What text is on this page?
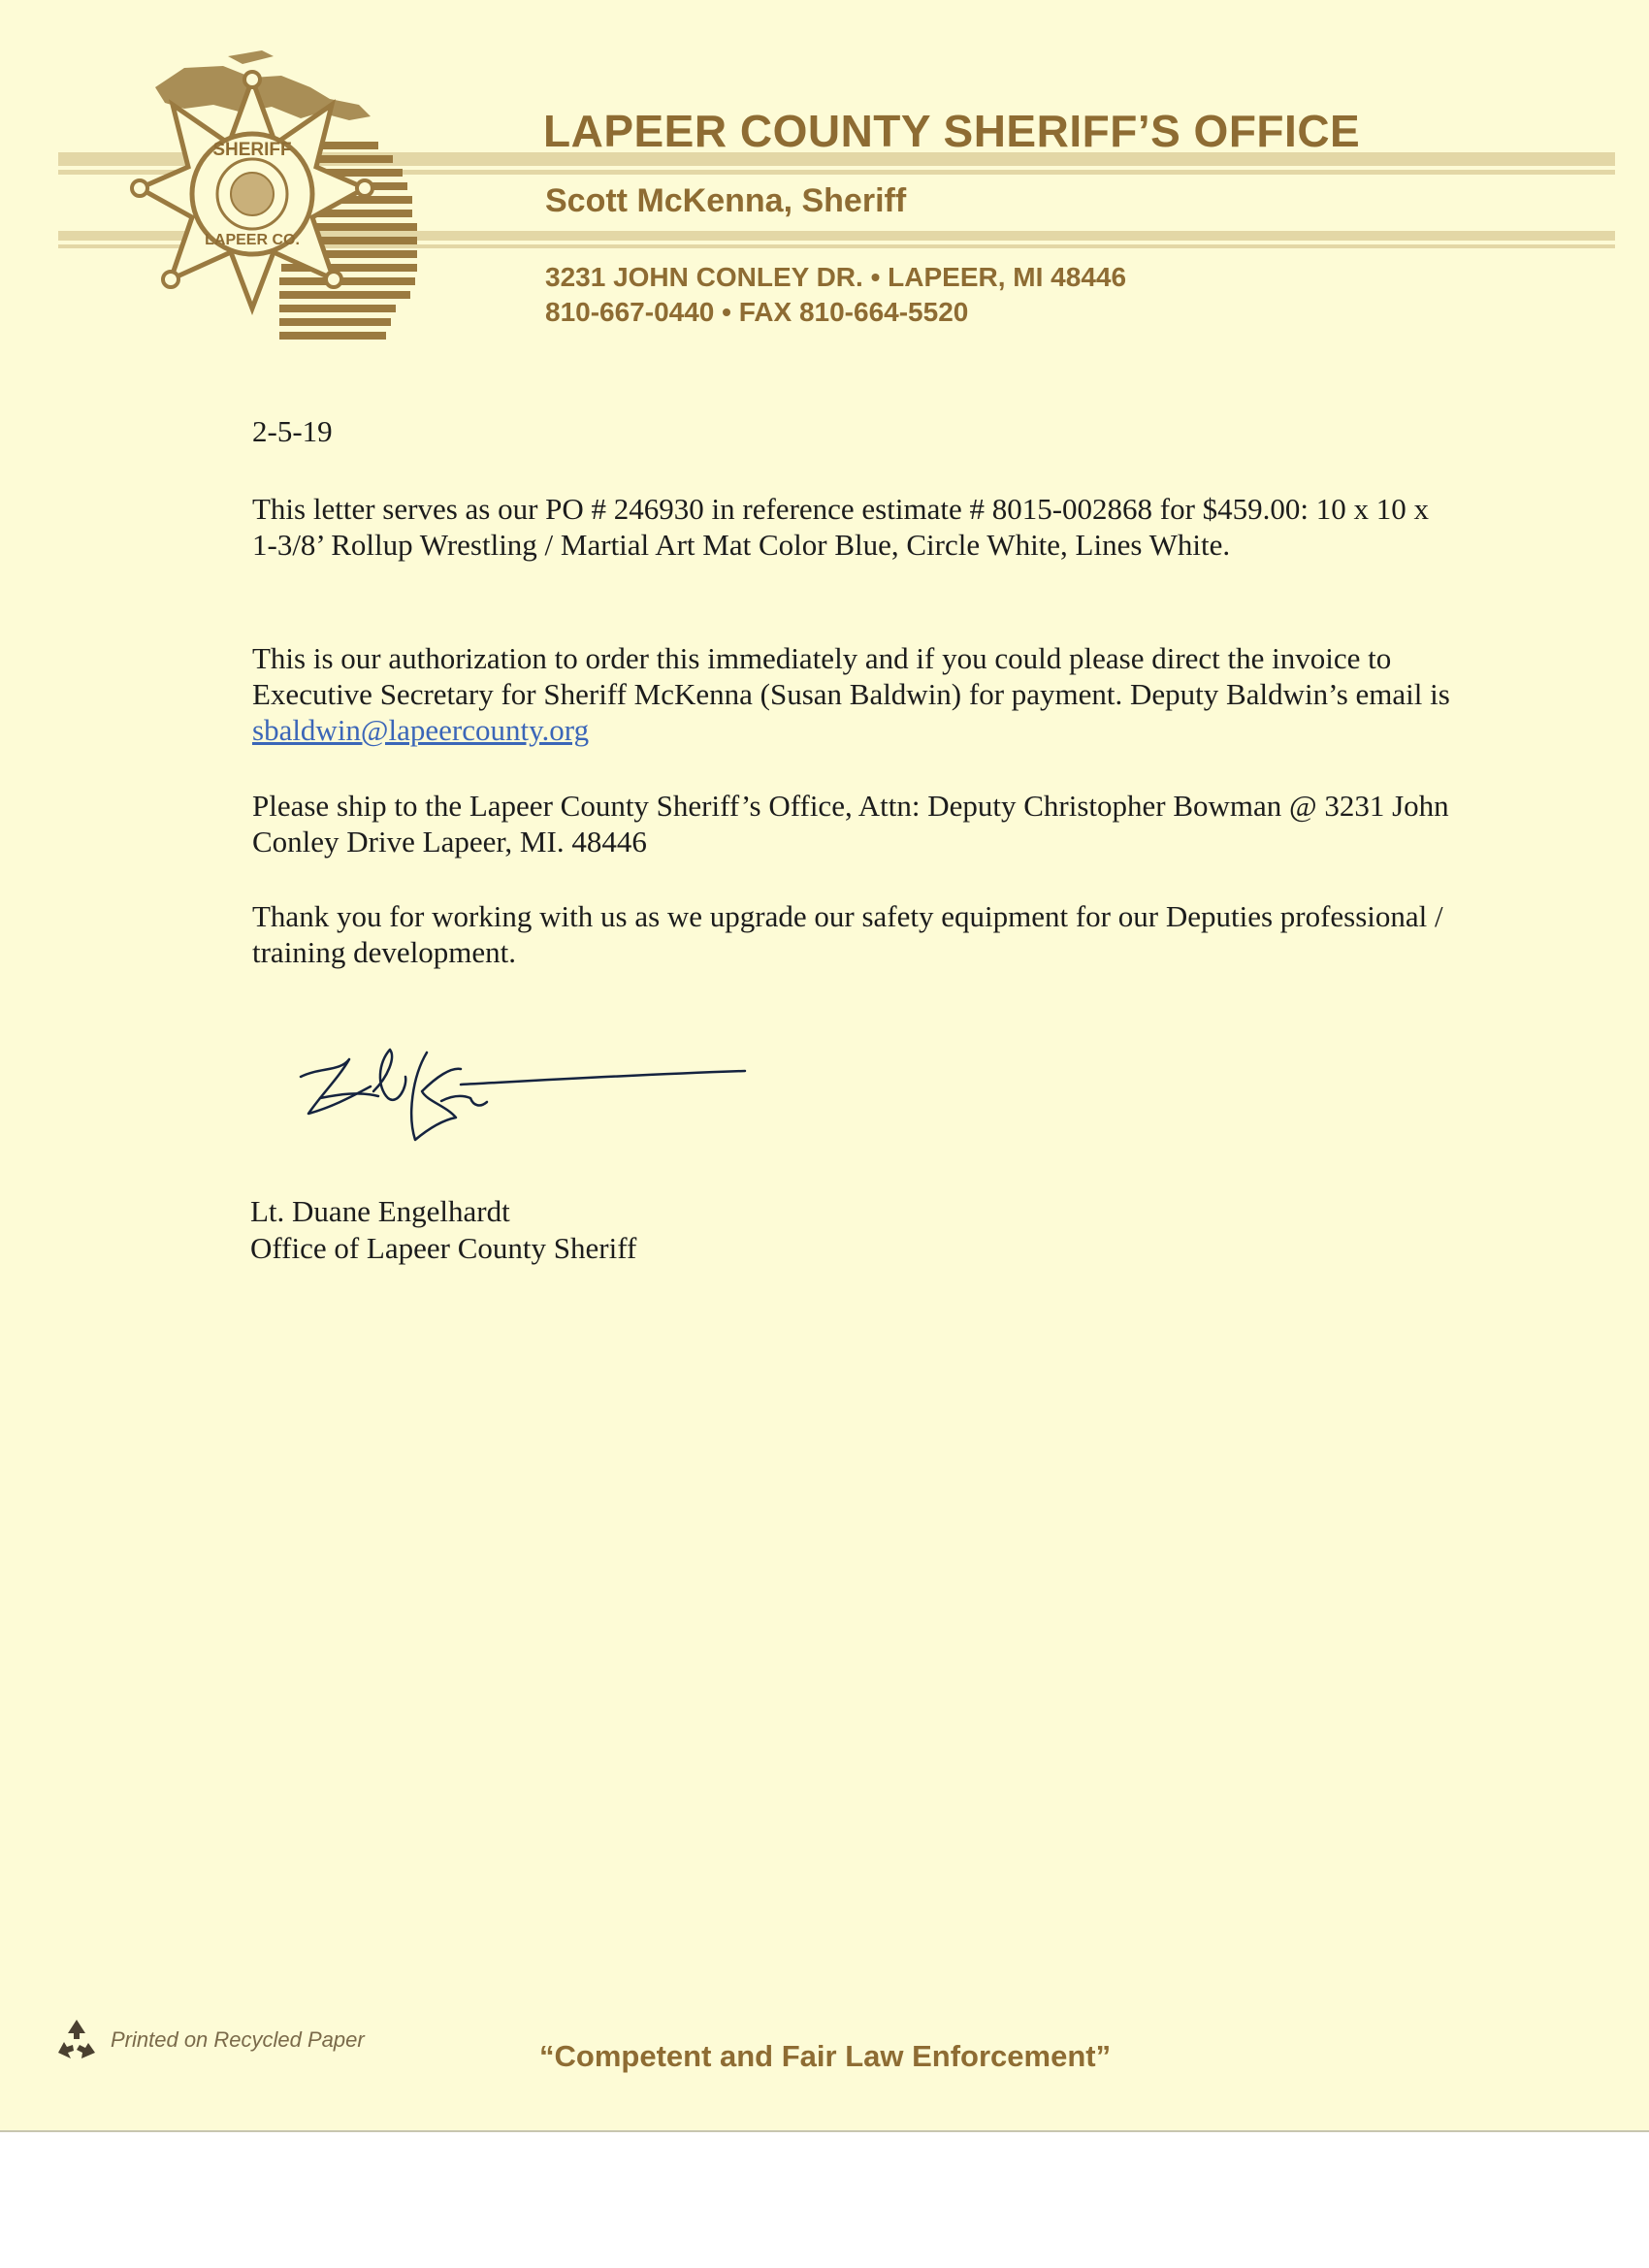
SHERIFF
LAPEER CO.
LAPEER COUNTY SHERIFF’S OFFICE
Scott McKenna, Sheriff
3231 JOHN CONLEY DR. • LAPEER, MI 48446
810-667-0440 • FAX 810-664-5520
2-5-19
This letter serves as our PO # 246930 in reference estimate # 8015-002868 for $459.00: 10 x 10 x 1-3/8’ Rollup Wrestling / Martial Art Mat Color Blue, Circle White, Lines White.
This is our authorization to order this immediately and if you could please direct the invoice to Executive Secretary for Sheriff McKenna (Susan Baldwin) for payment. Deputy Baldwin’s email is sbaldwin@lapeercounty.org
Please ship to the Lapeer County Sheriff’s Office, Attn: Deputy Christopher Bowman @ 3231 John Conley Drive Lapeer, MI. 48446
Thank you for working with us as we upgrade our safety equipment for our Deputies professional / training development.
Lt. Duane Engelhardt
Office of Lapeer County Sheriff
Printed on Recycled Paper	“Competent and Fair Law Enforcement”
